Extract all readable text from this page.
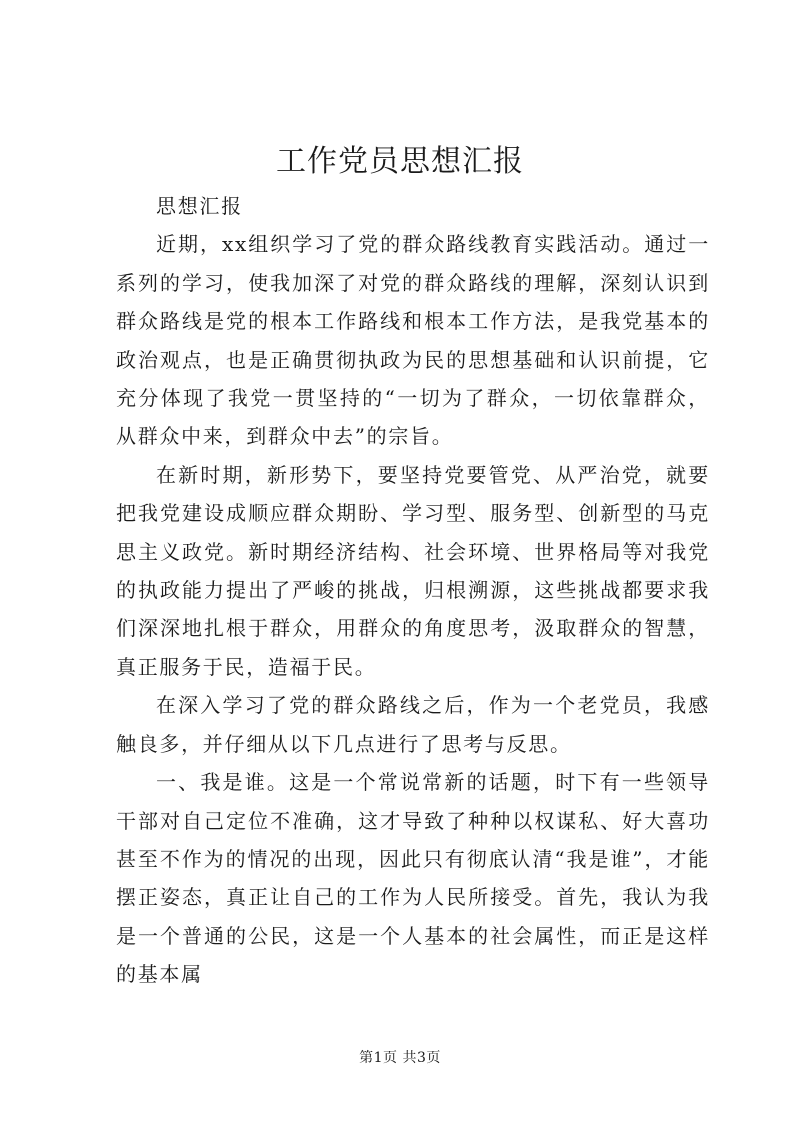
工作党员思想汇报

思想汇报

近期，xx组织学习了党的群众路线教育实践活动。通过一系列的学习，使我加深了对党的群众路线的理解，深刻认识到群众路线是党的根本工作路线和根本工作方法，是我党基本的政治观点，也是正确贯彻执政为民的思想基础和认识前提，它充分体现了我党一贯坚持的“一切为了群众，一切依靠群众，从群众中来，到群众中去”的宗旨。

在新时期，新形势下，要坚持党要管党、从严治党，就要把我党建设成顺应群众期盼、学习型、服务型、创新型的马克思主义政党。新时期经济结构、社会环境、世界格局等对我党的执政能力提出了严峻的挑战，归根溯源，这些挑战都要求我们深深地扎根于群众，用群众的角度思考，汲取群众的智慧，真正服务于民，造福于民。

在深入学习了党的群众路线之后，作为一个老党员，我感触良多，并仔细从以下几点进行了思考与反思。

一、我是谁。这是一个常说常新的话题，时下有一些领导干部对自己定位不准确，这才导致了种种以权谋私、好大喜功甚至不作为的情况的出现，因此只有彻底认清“我是谁”，才能摆正姿态，真正让自己的工作为人民所接受。首先，我认为我是一个普通的公民，这是一个人基本的社会属性，而正是这样的基本属

第1页 共3页
